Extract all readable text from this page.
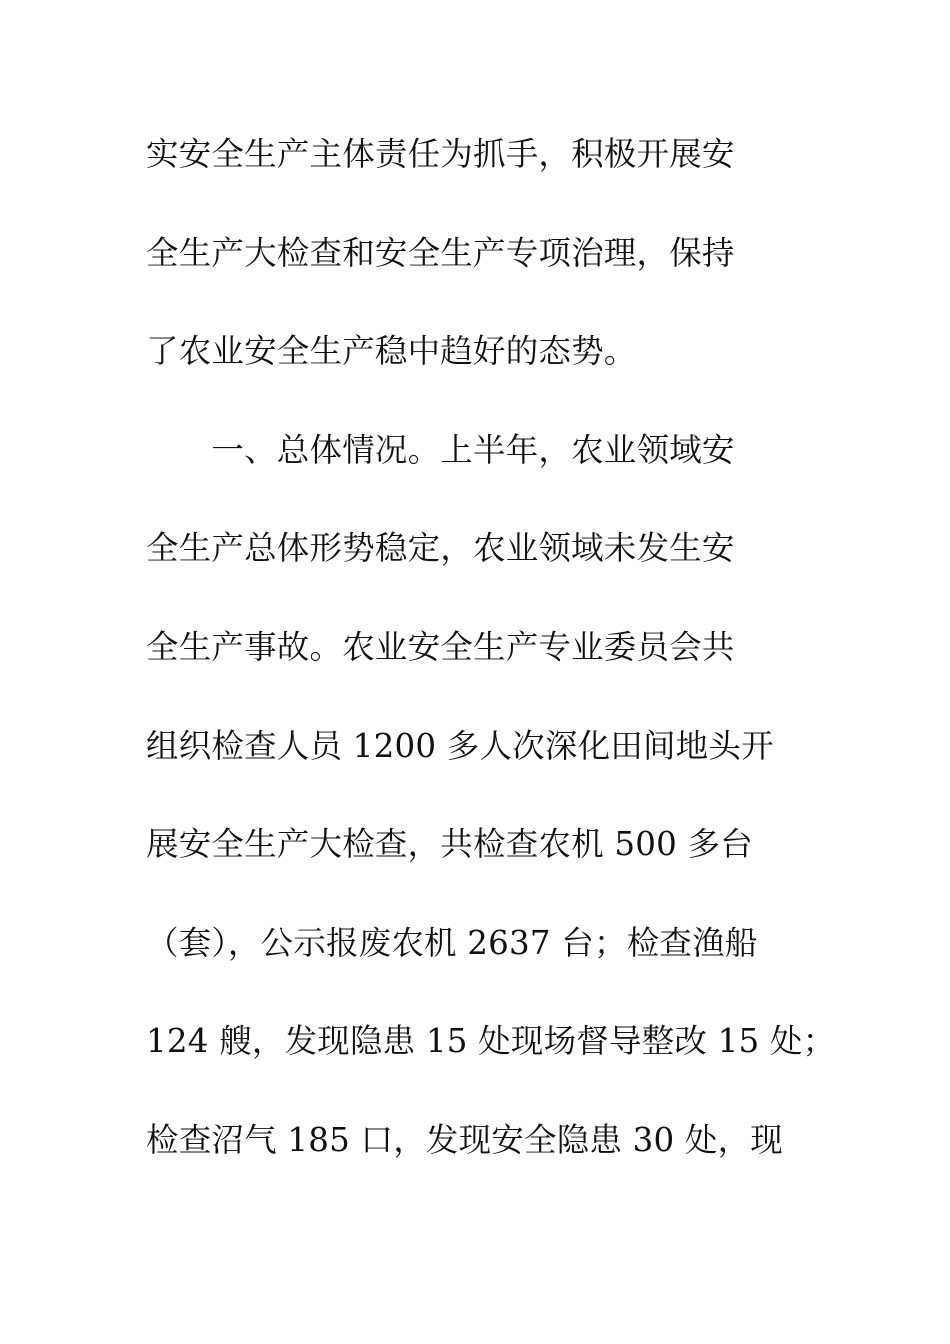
实安全生产主体责任为抓手，积极开展安
全生产大检查和安全生产专项治理，保持
了农业安全生产稳中趋好的态势。
　　一、总体情况。上半年，农业领域安
全生产总体形势稳定，农业领域未发生安
全生产事故。农业安全生产专业委员会共
组织检查人员 1200 多人次深化田间地头开
展安全生产大检查，共检查农机 500 多台
（套），公示报废农机 2637 台；检查渔船
124 艘，发现隐患 15 处现场督导整改 15 处；
检查沼气 185 口，发现安全隐患 30 处，现
